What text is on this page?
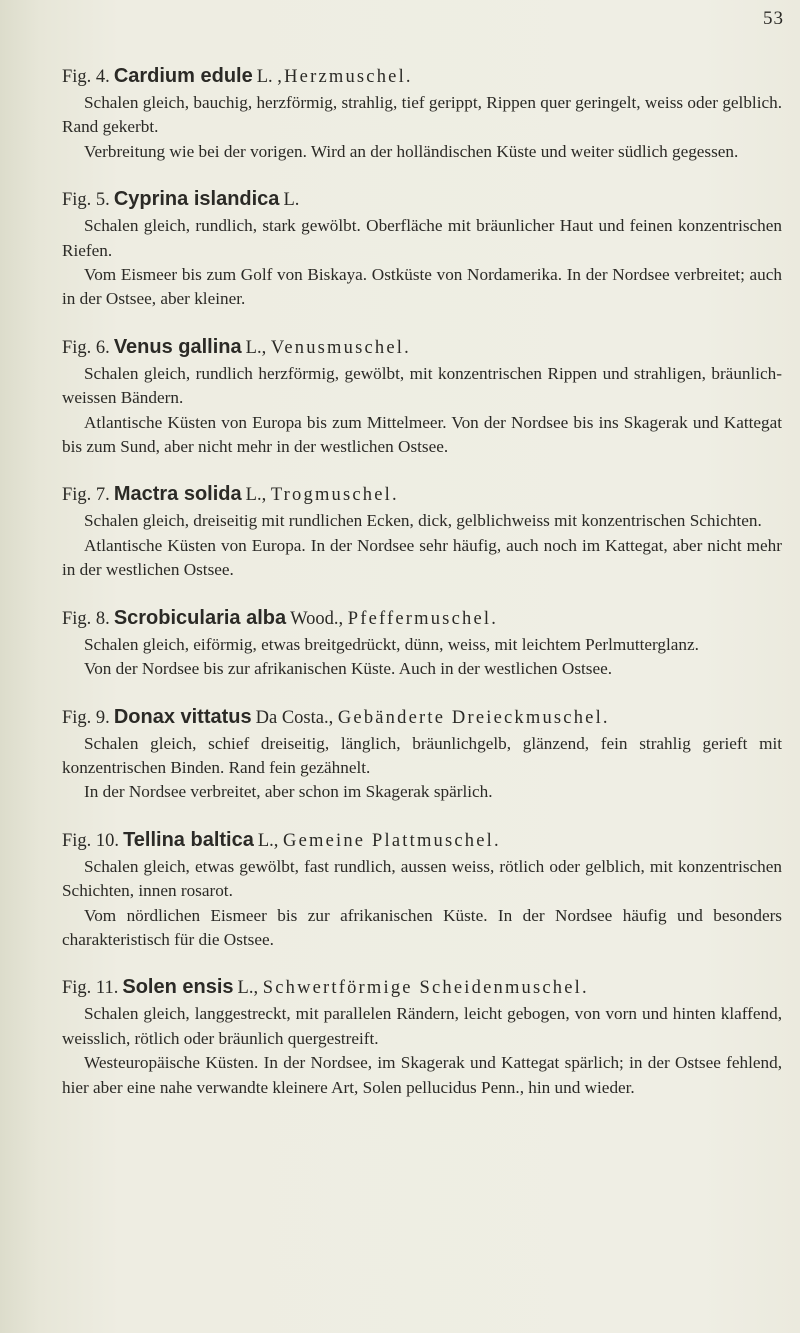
53

Fig. 4. Cardium edule L. ,Herzmuschel.

Schalen gleich, bauchig, herzförmig, strahlig, tief gerippt, Rippen quer geringelt, weiss oder gelblich. Rand gekerbt.

Verbreitung wie bei der vorigen. Wird an der holländischen Küste und weiter südlich gegessen.

Fig. 5. Cyprina islandica L.

Schalen gleich, rundlich, stark gewölbt. Oberfläche mit bräunlicher Haut und feinen konzentrischen Riefen.

Vom Eismeer bis zum Golf von Biskaya. Ostküste von Nordamerika. In der Nordsee verbreitet; auch in der Ostsee, aber kleiner.

Fig. 6. Venus gallina L., Venusmuschel.

Schalen gleich, rundlich herzförmig, gewölbt, mit konzentrischen Rippen und strahligen, bräunlich-weissen Bändern.

Atlantische Küsten von Europa bis zum Mittelmeer. Von der Nordsee bis ins Skagerak und Kattegat bis zum Sund, aber nicht mehr in der westlichen Ostsee.

Fig. 7. Mactra solida L., Trogmuschel.

Schalen gleich, dreiseitig mit rundlichen Ecken, dick, gelblichweiss mit konzentrischen Schichten.

Atlantische Küsten von Europa. In der Nordsee sehr häufig, auch noch im Kattegat, aber nicht mehr in der westlichen Ostsee.

Fig. 8. Scrobicularia alba Wood., Pfeffermuschel.

Schalen gleich, eiförmig, etwas breitgedrückt, dünn, weiss, mit leichtem Perlmutterglanz.

Von der Nordsee bis zur afrikanischen Küste. Auch in der westlichen Ostsee.

Fig. 9. Donax vittatus Da Costa., Gebänderte Dreieckmuschel.

Schalen gleich, schief dreiseitig, länglich, bräunlichgelb, glänzend, fein strahlig gerieft mit konzentrischen Binden. Rand fein gezähnelt.

In der Nordsee verbreitet, aber schon im Skagerak spärlich.

Fig. 10. Tellina baltica L., Gemeine Plattmuschel.

Schalen gleich, etwas gewölbt, fast rundlich, aussen weiss, rötlich oder gelblich, mit konzentrischen Schichten, innen rosarot.

Vom nördlichen Eismeer bis zur afrikanischen Küste. In der Nordsee häufig und besonders charakteristisch für die Ostsee.

Fig. 11. Solen ensis L., Schwertförmige Scheidenmuschel.

Schalen gleich, langgestreckt, mit parallelen Rändern, leicht gebogen, von vorn und hinten klaffend, weisslich, rötlich oder bräunlich quergestreift.

Westeuropäische Küsten. In der Nordsee, im Skagerak und Kattegat spärlich; in der Ostsee fehlend, hier aber eine nahe verwandte kleinere Art, Solen pellucidus Penn., hin und wieder.
